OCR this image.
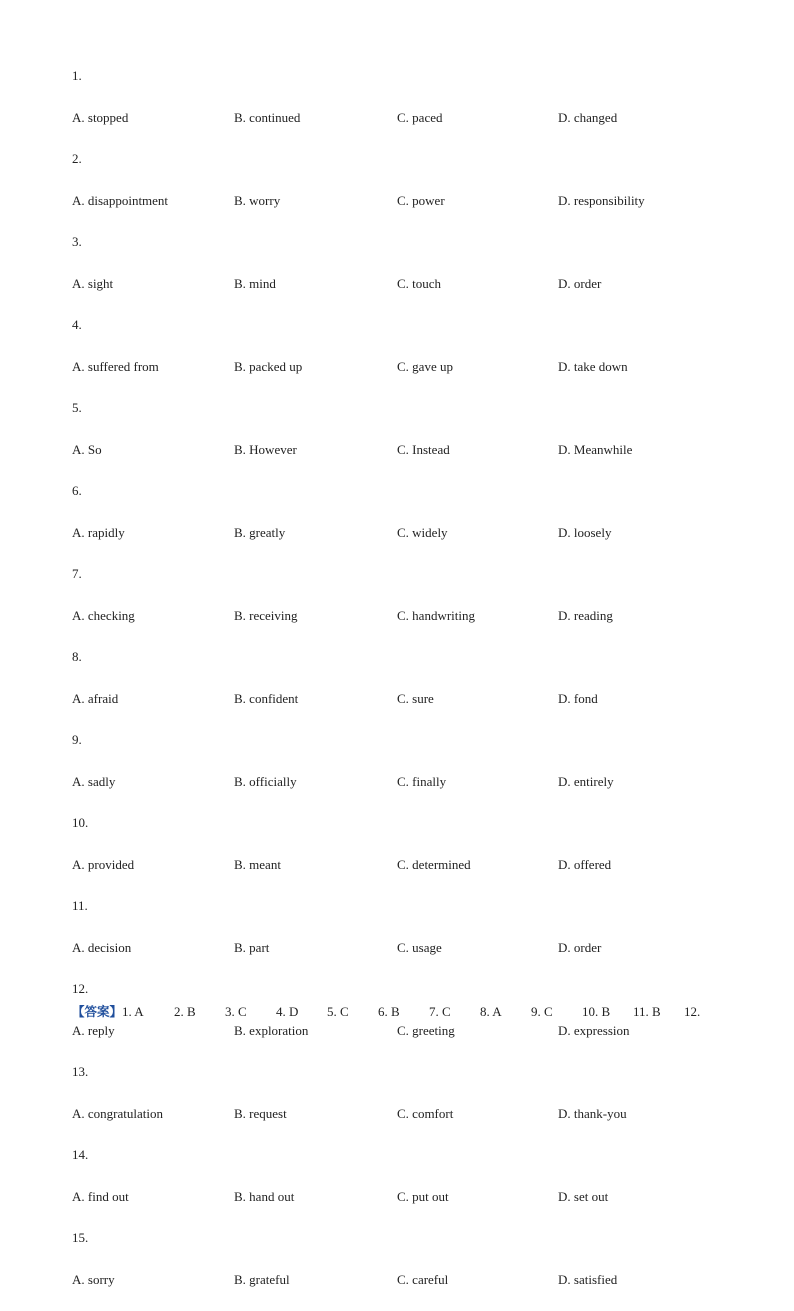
1.
A. stopped	B. continued	C. paced	D. changed
2.
A. disappointment	B. worry	C. power	D. responsibility
3.
A. sight	B. mind	C. touch	D. order
4.
A. suffered from	B. packed up	C. gave up	D. take down
5.
A. So	B. However	C. Instead	D. Meanwhile
6.
A. rapidly	B. greatly	C. widely	D. loosely
7.
A. checking	B. receiving	C. handwriting	D. reading
8.
A. afraid	B. confident	C. sure	D. fond
9.
A. sadly	B. officially	C. finally	D. entirely
10.
A. provided	B. meant	C. determined	D. offered
11.
A. decision	B. part	C. usage	D. order
12.
A. reply	B. exploration	C. greeting	D. expression
13.
A. congratulation	B. request	C. comfort	D. thank-you
14.
A. find out	B. hand out	C. put out	D. set out
15.
A. sorry	B. grateful	C. careful	D. satisfied
【答案】1. A 2. B 3. C 4. D 5. C 6. B 7. C 8. A 9. C 10. B 11. B 12.
